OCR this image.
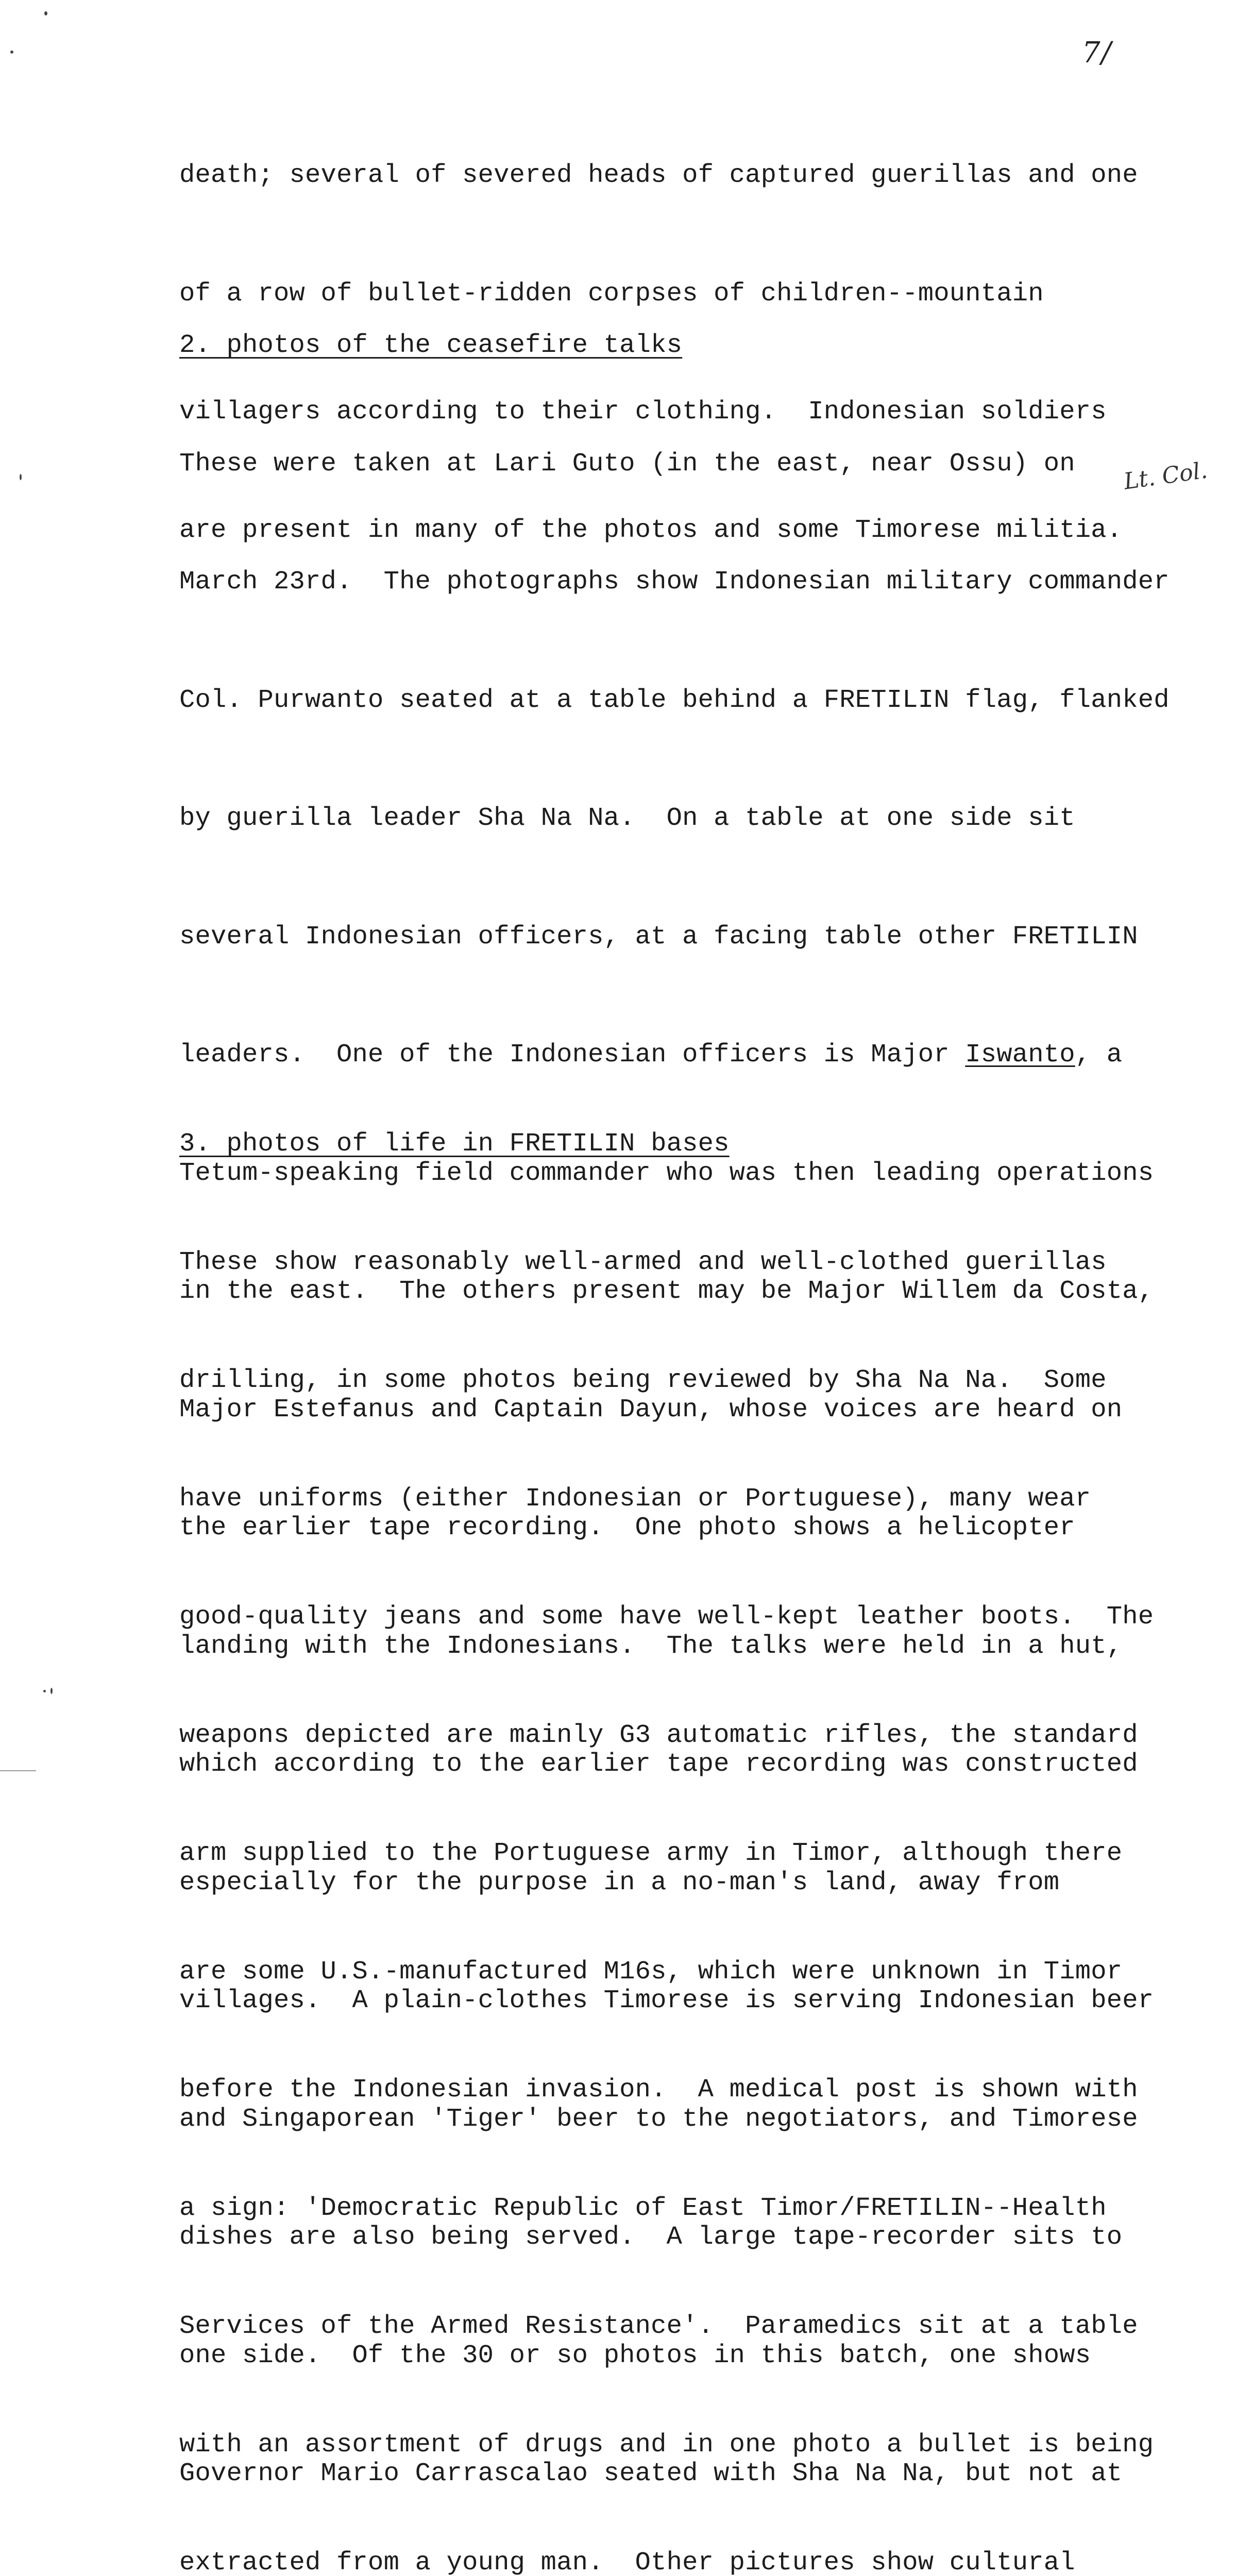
7/
Lt. Col.

death; several of severed heads of captured guerillas and one

of a row of bullet-ridden corpses of children--mountain

villagers according to their clothing.  Indonesian soldiers

are present in many of the photos and some Timorese militia.

2. photos of the ceasefire talks

These were taken at Lari Guto (in the east, near Ossu) on

March 23rd.  The photographs show Indonesian military commander

Col. Purwanto seated at a table behind a FRETILIN flag, flanked

by guerilla leader Sha Na Na.  On a table at one side sit

several Indonesian officers, at a facing table other FRETILIN

leaders.  One of the Indonesian officers is Major Iswanto, a

Tetum-speaking field commander who was then leading operations

in the east.  The others present may be Major Willem da Costa,

Major Estefanus and Captain Dayun, whose voices are heard on

the earlier tape recording.  One photo shows a helicopter

landing with the Indonesians.  The talks were held in a hut,

which according to the earlier tape recording was constructed

especially for the purpose in a no-man's land, away from

villages.  A plain-clothes Timorese is serving Indonesian beer

and Singaporean 'Tiger' beer to the negotiators, and Timorese

dishes are also being served.  A large tape-recorder sits to

one side.  Of the 30 or so photos in this batch, one shows

Governor Mario Carrascalao seated with Sha Na Na, but not at

3. photos of life in FRETILIN bases

These show reasonably well-armed and well-clothed guerillas

drilling, in some photos being reviewed by Sha Na Na.  Some

have uniforms (either Indonesian or Portuguese), many wear

good-quality jeans and some have well-kept leather boots.  The

weapons depicted are mainly G3 automatic rifles, the standard

arm supplied to the Portuguese army in Timor, although there

are some U.S.-manufactured M16s, which were unknown in Timor

before the Indonesian invasion.  A medical post is shown with

a sign: 'Democratic Republic of East Timor/FRETILIN--Health

Services of the Armed Resistance'.  Paramedics sit at a table

with an assortment of drugs and in one photo a bullet is being

extracted from a young man.  Other pictures show cultural
